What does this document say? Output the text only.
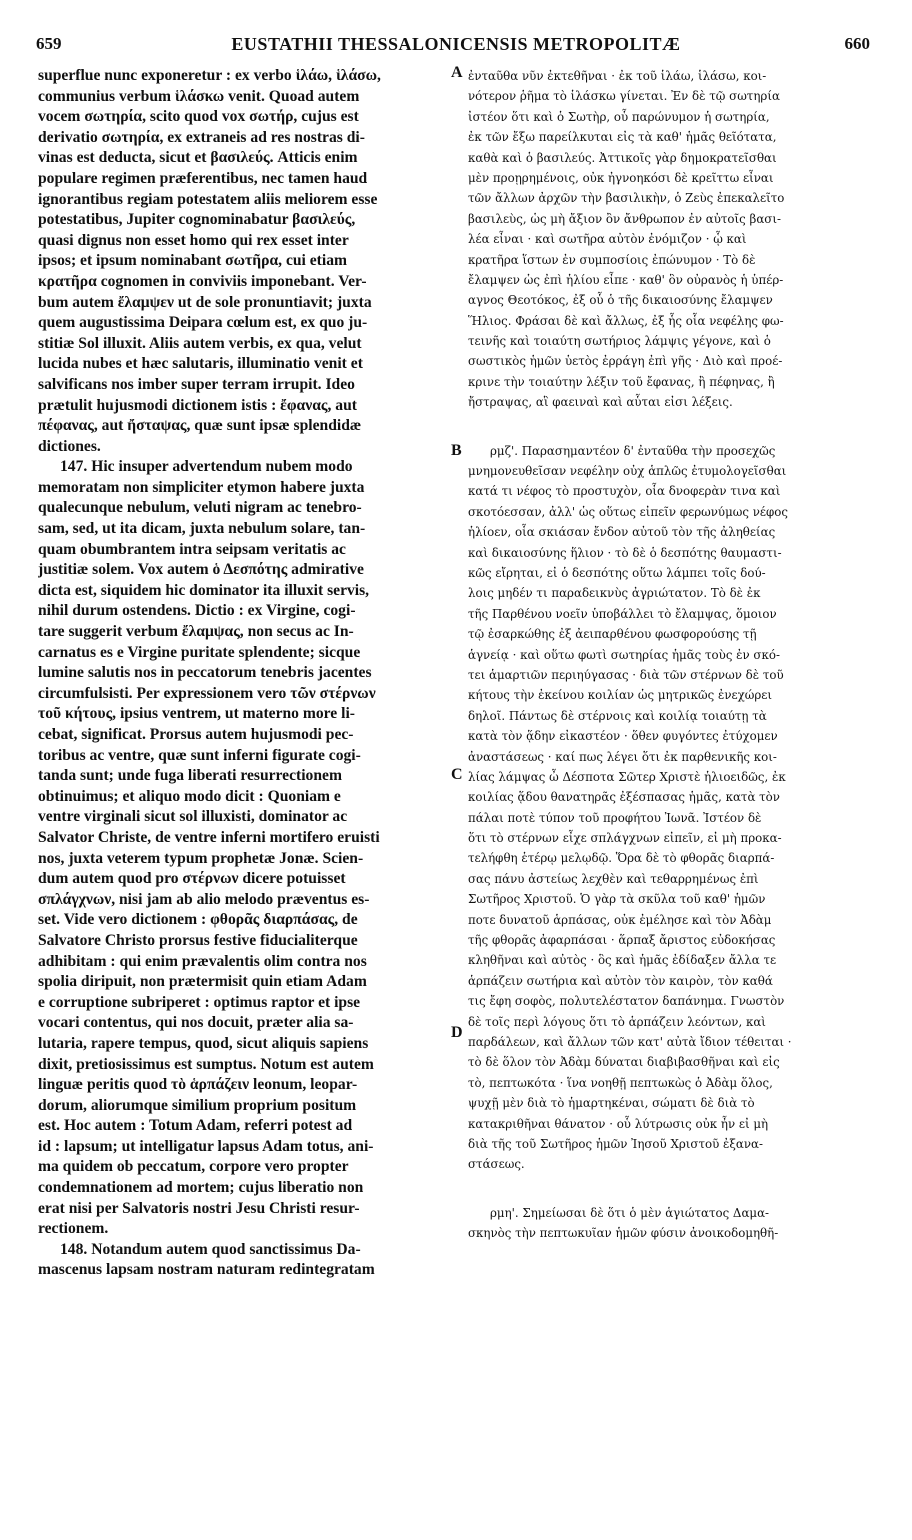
659	EUSTATHII THESSALONICENSIS METROPOLITÆ	660
A
B
C
D
superflue nunc exponeretur : ex verbo ἱλάω, ἱλάσω,
communius verbum ἱλάσκω venit. Quoad autem
vocem σωτηρία, scito quod vox σωτήρ, cujus est
derivatio σωτηρία, ex extraneis ad res nostras di-
vinas est deducta, sicut et βασιλεύς. Atticis enim
populare regimen præferentibus, nec tamen haud
ignorantibus regiam potestatem aliis meliorem esse
potestatibus, Jupiter cognominabatur βασιλεύς,
quasi dignus non esset homo qui rex esset inter
ipsos; et ipsum nominabant σωτῆρα, cui etiam
κρατῆρα cognomen in conviviis imponebant. Ver-
bum autem ἔλαμψεν ut de sole pronuntiavit; juxta
quem augustissima Deipara cœlum est, ex quo ju-
stitiæ Sol illuxit. Aliis autem verbis, ex qua, velut
lucida nubes et hæc salutaris, illuminatio venit et
salvificans nos imber super terram irrupit. Ideo
prætulit hujusmodi dictionem istis : ἔφανας, aut
πέφανας, aut ἤσταψας, quæ sunt ipsæ splendidæ
dictiones.
147. Hic insuper advertendum nubem modo
memoratam non simpliciter etymon habere juxta
qualecunque nebulum, veluti nigram ac tenebro-
sam, sed, ut ita dicam, juxta nebulum solare, tan-
quam obumbrantem intra seipsam veritatis ac
justitiæ solem. Vox autem ὁ Δεσπότης admirative
dicta est, siquidem hic dominator ita illuxit servis,
nihil durum ostendens. Dictio : ex Virgine, cogi-
tare suggerit verbum ἔλαμψας, non secus ac In-
carnatus es e Virgine puritate splendente; sicque
lumine salutis nos in peccatorum tenebris jacentes
circumfulsisti. Per expressionem vero τῶν στέρνων
τοῦ κήτους, ipsius ventrem, ut materno more li-
cebat, significat. Prorsus autem hujusmodi pec-
toribus ac ventre, quæ sunt inferni figurate cogi-
tanda sunt; unde fuga liberati resurrectionem
obtinuimus; et aliquo modo dicit : Quoniam e
ventre virginali sicut sol illuxisti, dominator ac
Salvator Christe, de ventre inferni mortifero eruisti
nos, juxta veterem typum prophetæ Jonæ. Scien-
dum autem quod pro στέρνων dicere potuisset
σπλάγχνων, nisi jam ab alio melodo præventus es-
set. Vide vero dictionem : φθορᾶς διαρπάσας, de
Salvatore Christo prorsus festive fiducialiterque
adhibitam : qui enim prævalentis olim contra nos
spolia diripuit, non prætermisit quin etiam Adam
e corruptione subriperet : optimus raptor et ipse
vocari contentus, qui nos docuit, præter alia sa-
lutaria, rapere tempus, quod, sicut aliquis sapiens
dixit, pretiosissimus est sumptus. Notum est autem
linguæ peritis quod τὸ ἁρπάζειν leonum, leopar-
dorum, aliorumque similium proprium positum
est. Hoc autem : Totum Adam, referri potest ad
id : lapsum; ut intelligatur lapsus Adam totus, ani-
ma quidem ob peccatum, corpore vero propter
condemnationem ad mortem; cujus liberatio non
erat nisi per Salvatoris nostri Jesu Christi resur-
rectionem.
148. Notandum autem quod sanctissimus Da-
mascenus lapsam nostram naturam redintegratam
ἐνταῦθα νῦν ἐκτεθῆναι · ἐκ τοῦ ἱλάω, ἱλάσω, κοι-
νότερον ῥῆμα τὸ ἱλάσκω γίνεται. Ἐν δὲ τῷ σωτηρία
ἰστέον ὅτι καὶ ὁ Σωτὴρ, οὗ παρώνυμον ἡ σωτηρία,
ἐκ τῶν ἔξω παρείλκυται εἰς τὰ καθ' ἡμᾶς θεῖότατα,
καθὰ καὶ ὁ βασιλεύς. Ἀττικοῖς γὰρ δημοκρατεῖσθαι
μὲν προῃρημένοις, οὐκ ἠγνοηκόσι δὲ κρεῖττω εἶναι
τῶν ἄλλων ἀρχῶν τὴν βασιλικὴν, ὁ Ζεὺς ἐπεκαλεῖτο
βασιλεὺς, ὡς μὴ ἄξιον ὂν ἄνθρωπον ἐν αὐτοῖς βασι-
λέα εἶναι · καὶ σωτῆρα αὐτὸν ἐνόμιζον · ᾧ καὶ
κρατῆρα ἵστων ἐν συμποσίοις ἐπώνυμον · Τὸ δὲ
ἔλαμψεν ὡς ἐπὶ ἡλίου εἶπε · καθ' ὃν οὐρανὸς ἡ ὑπέρ-
αγνος Θεοτόκος, ἐξ οὗ ὁ τῆς δικαιοσύνης ἔλαμψεν
Ἥλιος. Φράσαι δὲ καὶ ἄλλως, ἐξ ἧς οἷα νεφέλης φω-
τεινῆς καὶ τοιαύτη σωτήριος λάμψις γέγονε, καὶ ὁ
σωστικὸς ἡμῶν ὑετὸς ἐρράγη ἐπὶ γῆς · Διὸ καὶ προέ-
κρινε τὴν τοιαύτην λέξιν τοῦ ἔφανας, ἢ πέφηνας, ἢ
ἤστραψας, αἳ φαειναὶ καὶ αὗται εἰσι λέξεις.
ρμζ'. Παρασημαντέον δ' ἐνταῦθα τὴν προσεχῶς
μνημονευθεῖσαν νεφέλην οὐχ ἁπλῶς ἐτυμολογεῖσθαι
κατά τι νέφος τὸ προστυχὸν, οἷα δνοφερὰν τινα καὶ
σκοτόεσσαν, ἀλλ' ὡς οὕτως εἰπεῖν φερωνύμως νέφος
ἡλίοεν, οἷα σκιάσαν ἔνδον αὐτοῦ τὸν τῆς ἀληθείας
καὶ δικαιοσύνης ἥλιον · τὸ δὲ ὁ δεσπότης θαυμαστι-
κῶς εἴρηται, εἰ ὁ δεσπότης οὕτω λάμπει τοῖς δού-
λοις μηδέν τι παραδεικνὺς ἀγριώτατον. Τὸ δὲ ἐκ
τῆς Παρθένου νοεῖν ὑποβάλλει τὸ ἔλαμψας, ὅμοιον
τῷ ἐσαρκώθης ἐξ ἀειπαρθένου φωσφορούσης τῇ
ἁγνείᾳ · καὶ οὕτω φωτὶ σωτηρίας ἡμᾶς τοὺς ἐν σκό-
τει ἁμαρτιῶν περιηύγασας · διὰ τῶν στέρνων δὲ τοῦ
κήτους τὴν ἐκείνου κοιλίαν ὡς μητρικῶς ἐνεχώρει
δηλοῖ. Πάντως δὲ στέρνοις καὶ κοιλίᾳ τοιαύτῃ τὰ
κατὰ τὸν ᾅδην εἰκαστέον · ὅθεν φυγόντες ἐτύχομεν
ἀναστάσεως · καί πως λέγει ὅτι ἐκ παρθενικῆς κοι-
λίας λάμψας ὦ Δέσποτα Σῶτερ Χριστὲ ἡλιοειδῶς, ἐκ
κοιλίας ᾅδου θανατηρᾶς ἐξέσπασας ἡμᾶς, κατὰ τὸν
πάλαι ποτὲ τύπον τοῦ προφήτου Ἰωνᾶ. Ἰστέον δὲ
ὅτι τὸ στέρνων εἶχε σπλάγχνων εἰπεῖν, εἰ μὴ προκα-
τελήφθη ἑτέρῳ μελῳδῷ. Ὅρα δὲ τὸ φθορᾶς διαρπά-
σας πάνυ ἀστείως λεχθὲν καὶ τεθαρρημένως ἐπὶ
Σωτῆρος Χριστοῦ. Ὁ γὰρ τὰ σκῦλα τοῦ καθ' ἡμῶν
ποτε δυνατοῦ ἁρπάσας, οὐκ ἐμέλησε καὶ τὸν Ἀδὰμ
τῆς φθορᾶς ἀφαρπάσαι · ἅρπαξ ἄριστος εὐδοκήσας
κληθῆναι καὶ αὐτὸς · ὃς καὶ ἡμᾶς ἐδίδαξεν ἄλλα τε
ἁρπάζειν σωτήρια καὶ αὐτὸν τὸν καιρὸν, τὸν καθά
τις ἔφη σοφὸς, πολυτελέστατον δαπάνημα. Γνωστὸν
δὲ τοῖς περὶ λόγους ὅτι τὸ ἁρπάζειν λεόντων, καὶ
παρδάλεων, καὶ ἄλλων τῶν κατ' αὐτὰ ἴδιον τέθειται ·
τὸ δὲ ὅλον τὸν Ἀδὰμ δύναται διαβιβασθῆναι καὶ εἰς
τὸ, πεπτωκότα · ἵνα νοηθῇ πεπτωκὼς ὁ Ἀδὰμ ὅλος,
ψυχῇ μὲν διὰ τὸ ἡμαρτηκέναι, σώματι δὲ διὰ τὸ
κατακριθῆναι θάνατον · οὗ λύτρωσις οὐκ ἦν εἰ μὴ
διὰ τῆς τοῦ Σωτῆρος ἡμῶν Ἰησοῦ Χριστοῦ ἐξανα-
στάσεως.
ρμη'. Σημείωσαι δὲ ὅτι ὁ μὲν ἁγιώτατος Δαμα-
σκηνὸς τὴν πεπτωκυῖαν ἡμῶν φύσιν ἀνοικοδομηθῆ-
